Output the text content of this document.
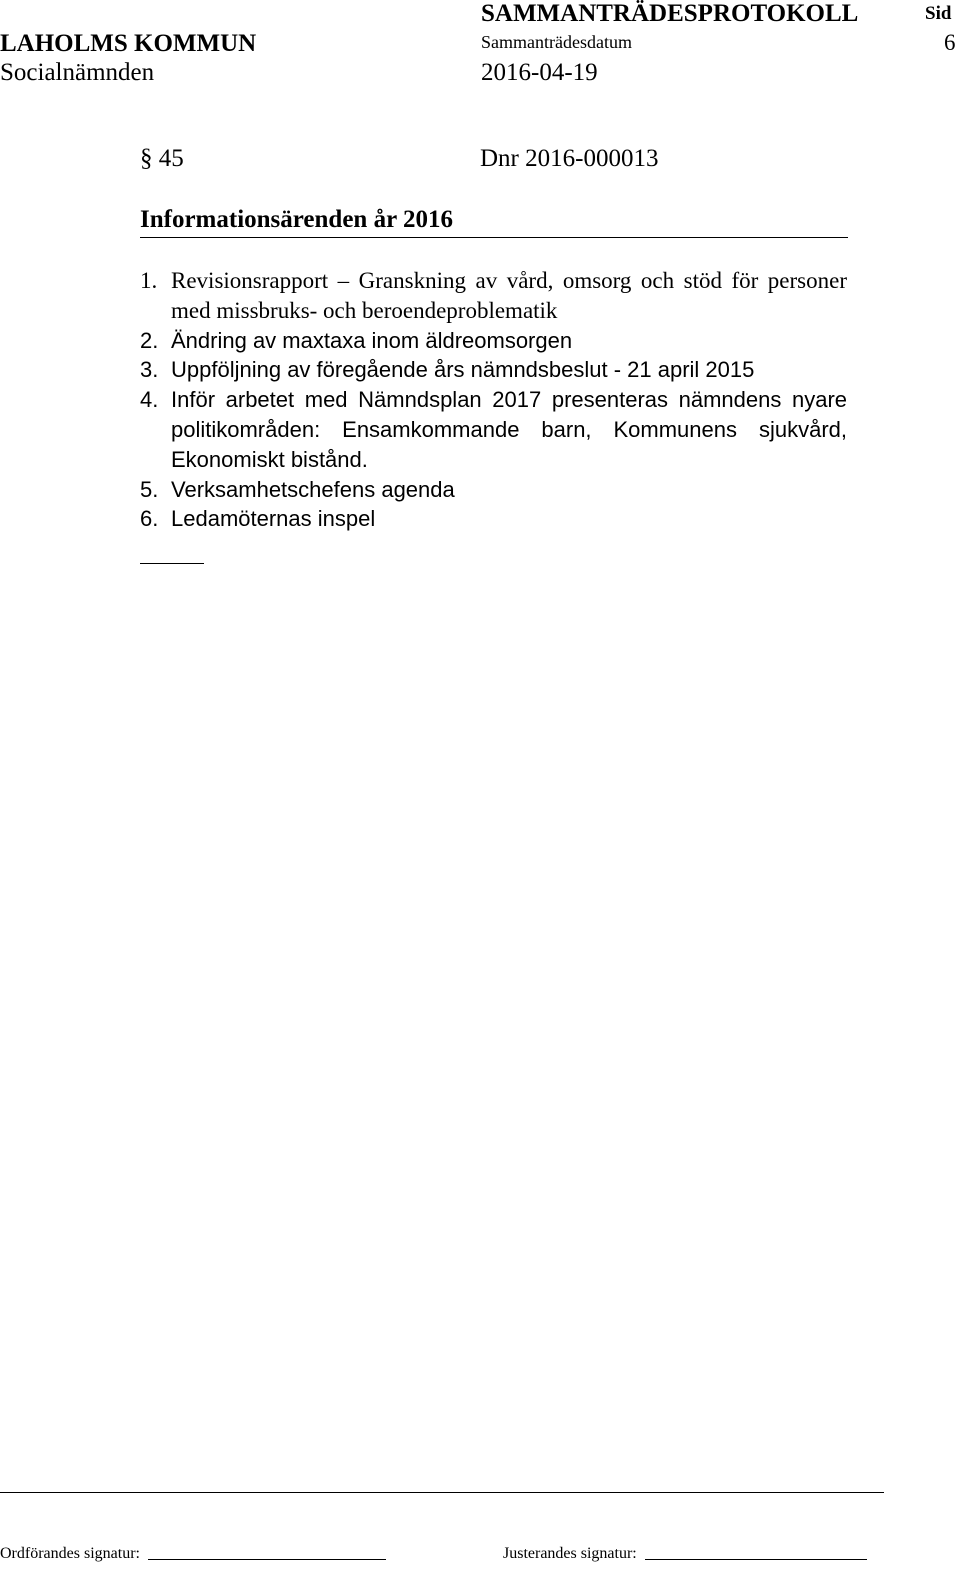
LAHOLMS KOMMUN
Socialnämnden
SAMMANTRÄDESPROTOKOLL
Sammanträdesdatum
2016-04-19
Sid
6
§ 45	Dnr 2016-000013
Informationsärenden år 2016
1. Revisionsrapport – Granskning av vård, omsorg och stöd för personer med missbruks- och beroendeproblematik
2. Ändring av maxtaxa inom äldreomsorgen
3. Uppföljning av föregående års nämndsbeslut - 21 april 2015
4. Inför arbetet med Nämndsplan 2017 presenteras nämndens nyare politikområden: Ensamkommande barn, Kommunens sjukvård, Ekonomiskt bistånd.
5. Verksamhetschefens agenda
6. Ledamöternas inspel
Ordförandes signatur:	Justerandes signatur:
